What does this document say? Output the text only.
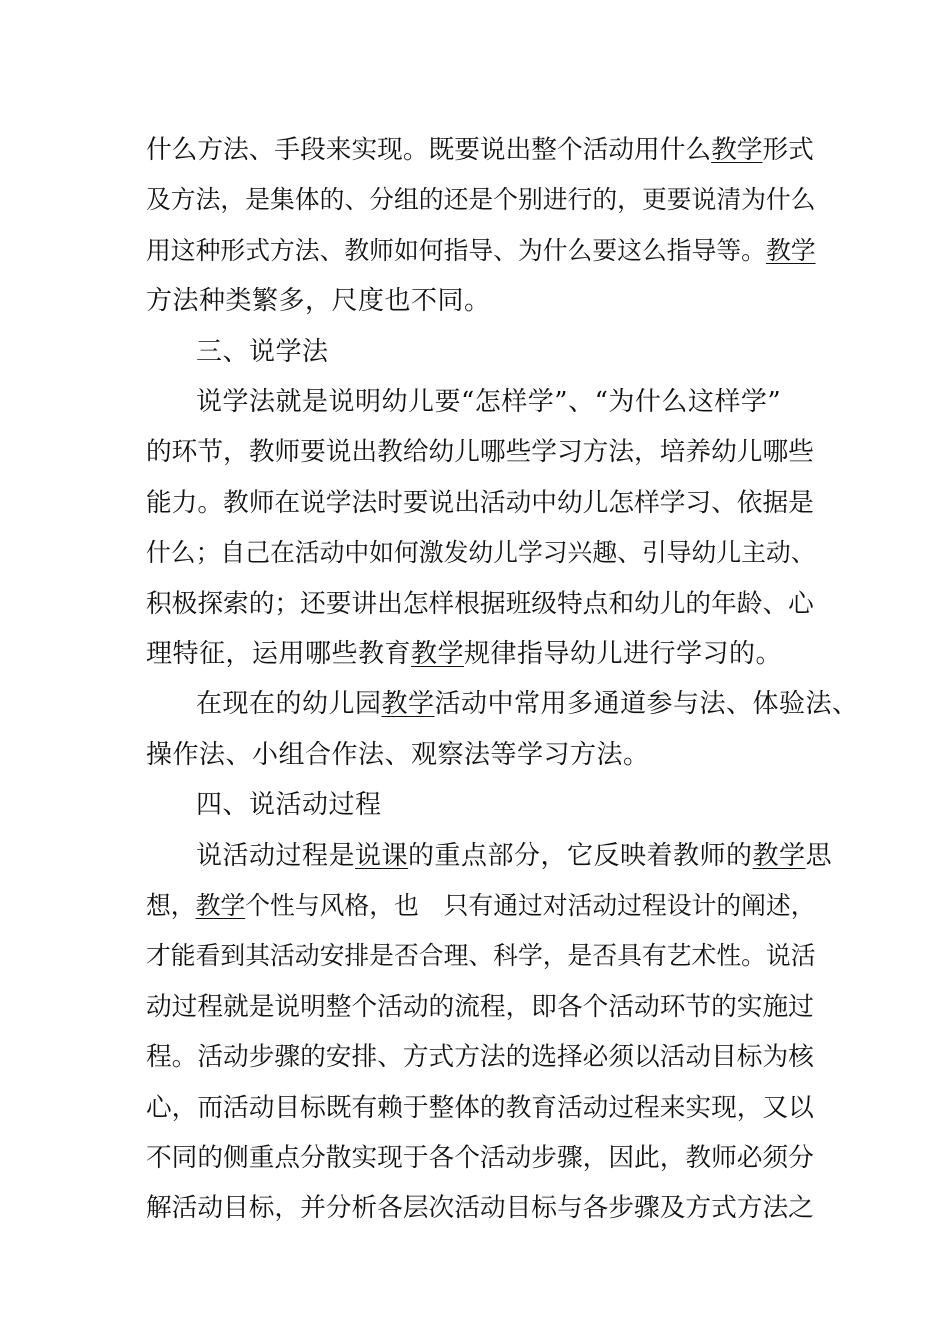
什么方法、手段来实现。既要说出整个活动用什么教学形式
及方法，是集体的、分组的还是个别进行的，更要说清为什么
用这种形式方法、教师如何指导、为什么要这么指导等。教学
方法种类繁多，尺度也不同。
三、说学法
说学法就是说明幼儿要“怎样学”、“为什么这样学”
的环节，教师要说出教给幼儿哪些学习方法，培养幼儿哪些
能力。教师在说学法时要说出活动中幼儿怎样学习、依据是
什么；自己在活动中如何激发幼儿学习兴趣、引导幼儿主动、
积极探索的；还要讲出怎样根据班级特点和幼儿的年龄、心
理特征，运用哪些教育教学规律指导幼儿进行学习的。
在现在的幼儿园教学活动中常用多通道参与法、体验法、
操作法、小组合作法、观察法等学习方法。
四、说活动过程
说活动过程是说课的重点部分，它反映着教师的教学思
想，教学个性与风格，也　只有通过对活动过程设计的阐述，
才能看到其活动安排是否合理、科学，是否具有艺术性。说活
动过程就是说明整个活动的流程，即各个活动环节的实施过
程。活动步骤的安排、方式方法的选择必须以活动目标为核
心，而活动目标既有赖于整体的教育活动过程来实现，又以
不同的侧重点分散实现于各个活动步骤，因此，教师必须分
解活动目标，并分析各层次活动目标与各步骤及方式方法之
